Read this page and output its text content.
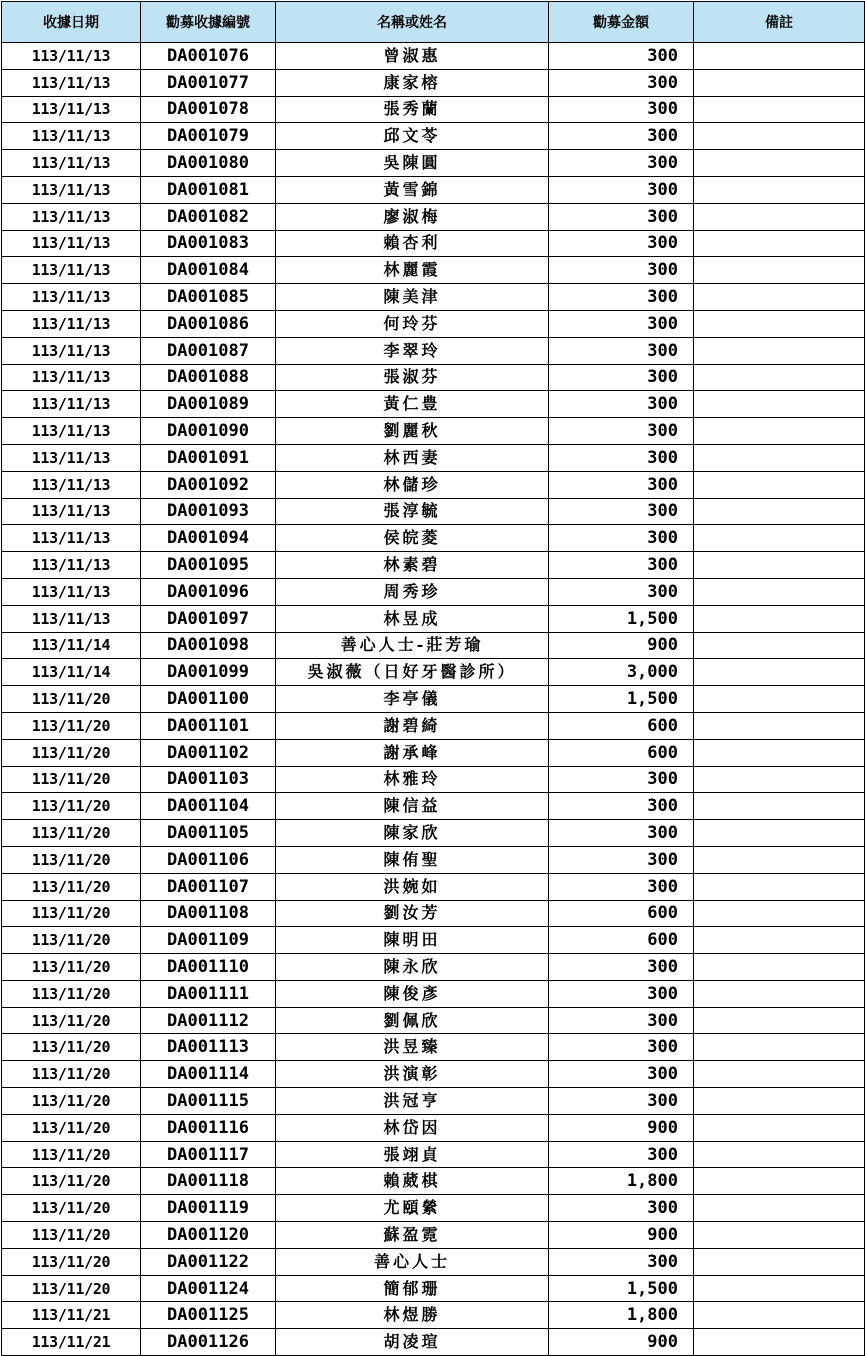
收據日期	勸募收據編號	名稱或姓名	勸募金額	備註
113/11/13	DA001076	曾淑惠	300	
113/11/13	DA001077	康家榕	300	
113/11/13	DA001078	張秀蘭	300	
113/11/13	DA001079	邱文苓	300	
113/11/13	DA001080	吳陳圓	300	
113/11/13	DA001081	黃雪錦	300	
113/11/13	DA001082	廖淑梅	300	
113/11/13	DA001083	賴杏利	300	
113/11/13	DA001084	林麗霞	300	
113/11/13	DA001085	陳美津	300	
113/11/13	DA001086	何玲芬	300	
113/11/13	DA001087	李翠玲	300	
113/11/13	DA001088	張淑芬	300	
113/11/13	DA001089	黃仁豊	300	
113/11/13	DA001090	劉麗秋	300	
113/11/13	DA001091	林西妻	300	
113/11/13	DA001092	林儲珍	300	
113/11/13	DA001093	張淳毓	300	
113/11/13	DA001094	侯皖菱	300	
113/11/13	DA001095	林素碧	300	
113/11/13	DA001096	周秀珍	300	
113/11/13	DA001097	林昱成	1,500	
113/11/14	DA001098	善心人士-莊芳瑜	900	
113/11/14	DA001099	吳淑薇（日好牙醫診所）	3,000	
113/11/20	DA001100	李亭儀	1,500	
113/11/20	DA001101	謝碧綺	600	
113/11/20	DA001102	謝承峰	600	
113/11/20	DA001103	林雅玲	300	
113/11/20	DA001104	陳信益	300	
113/11/20	DA001105	陳家欣	300	
113/11/20	DA001106	陳侑聖	300	
113/11/20	DA001107	洪婉如	300	
113/11/20	DA001108	劉汝芳	600	
113/11/20	DA001109	陳明田	600	
113/11/20	DA001110	陳永欣	300	
113/11/20	DA001111	陳俊彥	300	
113/11/20	DA001112	劉佩欣	300	
113/11/20	DA001113	洪昱臻	300	
113/11/20	DA001114	洪演彰	300	
113/11/20	DA001115	洪冠亨	300	
113/11/20	DA001116	林岱因	900	
113/11/20	DA001117	張翊貞	300	
113/11/20	DA001118	賴葳棋	1,800	
113/11/20	DA001119	尤頤縈	300	
113/11/20	DA001120	蘇盈霓	900	
113/11/20	DA001122	善心人士	300	
113/11/20	DA001124	簡郁珊	1,500	
113/11/21	DA001125	林煜勝	1,800	
113/11/21	DA001126	胡凌瑄	900	
